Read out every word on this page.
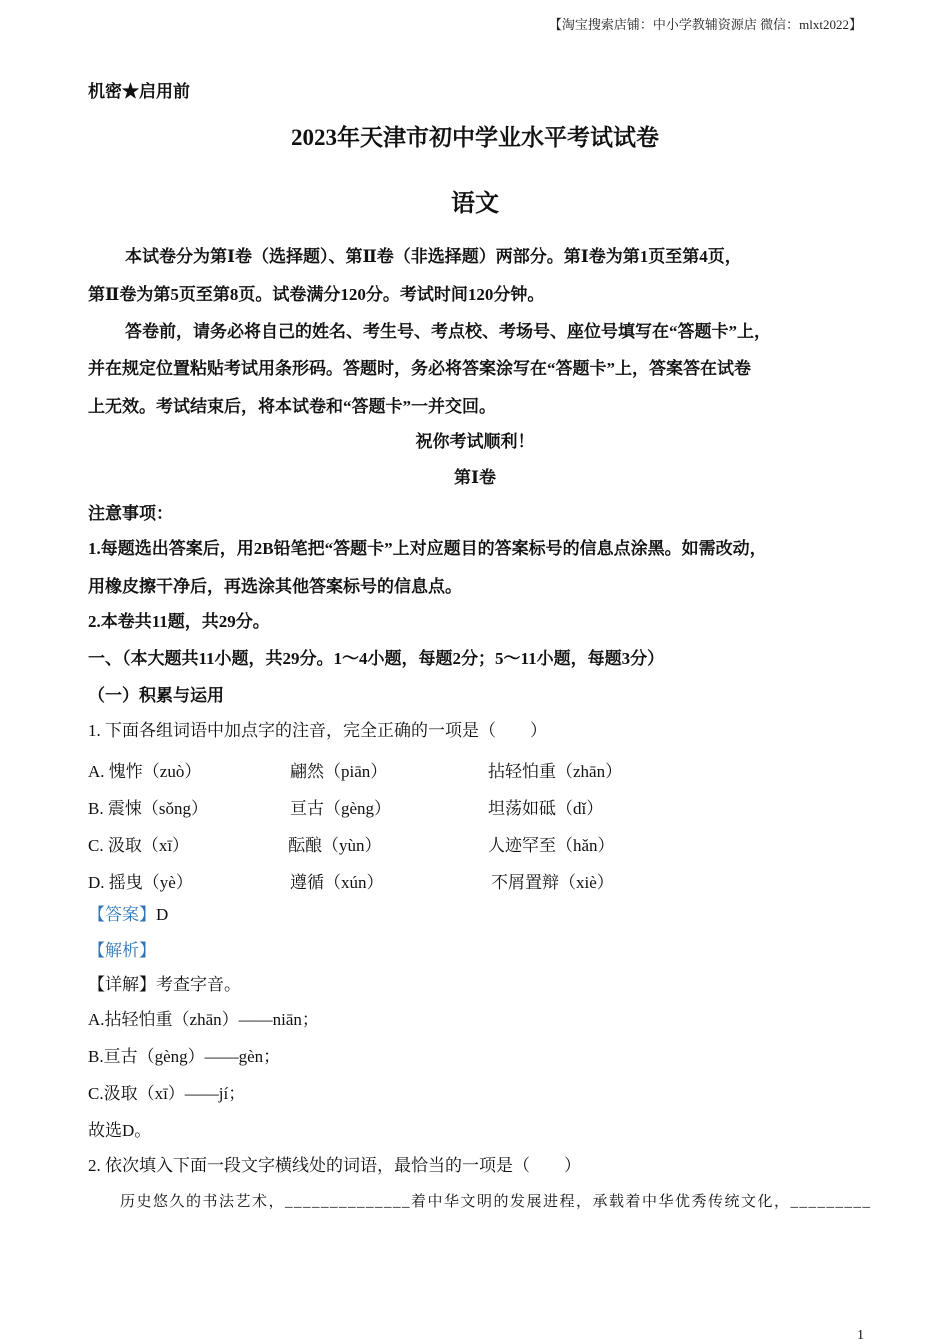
【淘宝搜索店铺：中小学教辅资源店 微信：mlxt2022】
机密★启用前
2023年天津市初中学业水平考试试卷
语文
本试卷分为第Ⅰ卷（选择题）、第Ⅱ卷（非选择题）两部分。第Ⅰ卷为第1页至第4页，
第Ⅱ卷为第5页至第8页。试卷满分120分。考试时间120分钟。
答卷前，请务必将自己的姓名、考生号、考点校、考场号、座位号填写在“答题卡”上，
并在规定位置粘贴考试用条形码。答题时，务必将答案涂写在“答题卡”上，答案答在试卷
上无效。考试结束后，将本试卷和“答题卡”一并交回。
祝你考试顺利！
第Ⅰ卷
注意事项：
1.每题选出答案后，用2B铅笔把“答题卡”上对应题目的答案标号的信息点涂黑。如需改动，
用橡皮擦干净后，再选涂其他答案标号的信息点。
2.本卷共11题，共29分。
一、（本大题共11小题，共29分。1～4小题，每题2分；5～11小题，每题3分）
（一）积累与运用
1. 下面各组词语中加点字的注音，完全正确的一项是（　　）
A. 愧怍（zuò）	翩然（piān）	拈轻怕重（zhān）
B. 震悚（sǒng）	亘古（gèng）	坦荡如砥（dǐ）
C. 汲取（xī）	酝酿（yùn）	人迹罕至（hǎn）
D. 摇曳（yè）	遵循（xún）	不屑置辩（xiè）
【答案】D
【解析】
【详解】考查字音。
A.拈轻怕重（zhān）——niān；
B.亘古（gèng）——gèn；
C.汲取（xī）——jí；
故选D。
2. 依次填入下面一段文字横线处的词语，最恰当的一项是（　　）
历史悠久的书法艺术，______________着中华文明的发展进程，承载着中华优秀传统文化，_________
1
